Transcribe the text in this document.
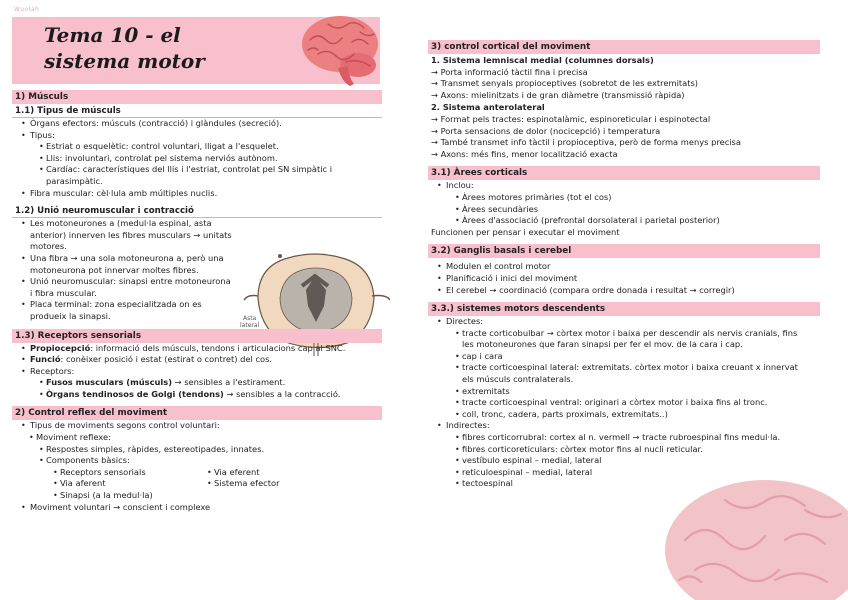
Wuolah
Tema 10 - el
sistema motor
Asta
lateral
1) Músculs
1.1) Tipus de músculs
• Òrgans efectors: múscuIs (contracció) i glàndules (secreció).
• Tipus:
• Estriat o esquelètic: control voluntari, lligat a l'esquelet.
• Llis: involuntari, controlat pel sistema nerviós autònom.
• Cardíac: característiques del llis i l'estriat, controlat pel SN simpàtic i
parasimpàtic.
• Fibra muscular: cèl·lula amb múltiples nuclis.
1.2) Unió neuromuscular i contracció
• Les motoneurones a (medul·la espinal, asta
anterior) innerven les fibres musculars → unitats
motores.
• Una fibra → una sola motoneurona a, però una
motoneurona pot innervar moltes fibres.
• Unió neuromuscular: sinapsi entre motoneurona
i fibra muscular.
• Placa terminal: zona especialitzada on es
produeix la sinapsi.
1.3) Receptors sensorials
• Propiocepció: informació dels músculs, tendons i articulacions cap al SNC.
• Funció: conèixer posició i estat (estirat o contret) del cos.
• Receptors:
• Fusos musculars (músculs) → sensibles a l'estirament.
• Òrgans tendinosos de Golgi (tendons) → sensibles a la contracció.
2) Control reflex del moviment
• Tipus de moviments segons control voluntari:
• Moviment reflexe:
• Respostes simples, ràpides, estereotipades, innates.
• Components bàsics:
• Receptors sensorials
• Via aferent
• Sinapsi (a la medul·la)
• Via eferent
• Sistema efector
• Moviment voluntari → conscient i complexe
3) control cortical del moviment
1. Sistema lemniscal medial (columnes dorsals)
→ Porta informació tàctil fina i precisa
→ Transmet senyals propioceptives (sobretot de les extremitats)
→ Axons: mielinitzats i de gran diàmetre (transmissió ràpida)
2. Sistema anterolateral
→ Format pels tractes: espinotalàmic, espinoreticular i espinotectal
→ Porta sensacions de dolor (nocicepció) i temperatura
→ També transmet info tàctil i propioceptiva, però de forma menys precisa
→ Axons: més fins, menor localització exacta
3.1) Àrees corticals
• Inclou:
• Àrees motores primàries (tot el cos)
• Àrees secundàries
• Àrees d'associació (prefrontal dorsolateral i parietal posterior)
Funcionen per pensar i executar el moviment
3.2) Ganglis basals i cerebel
• Modulen el control motor
• Planificació i inici del moviment
• El cerebel → coordinació (compara ordre donada i resultat → corregir)
3.3.) sistemes motors descendents
• Directes:
• tracte corticobulbar → còrtex motor i baixa per descendir als nervis cranials, fins
les motoneurones que faran sinapsi per fer el mov. de la cara i cap.
• cap i cara
• tracte corticoespinal lateral: extremitats. còrtex motor i baixa creuant x innervat
els músculs contralaterals.
• extremitats
• tracte corticoespinal ventral: originari a còrtex motor i baixa fins al tronc.
• coll, tronc, cadera, parts proximals, extremitats..)
• Indirectes:
• fibres corticorrubral: cortex al n. vermell → tracte rubroespinal fins medul·la.
• fibres corticoreticulars: còrtex motor fins al nucli reticular.
• vestíbulo espinal – medial, lateral
• reticuloespinal – medial, lateral
• tectoespinal
